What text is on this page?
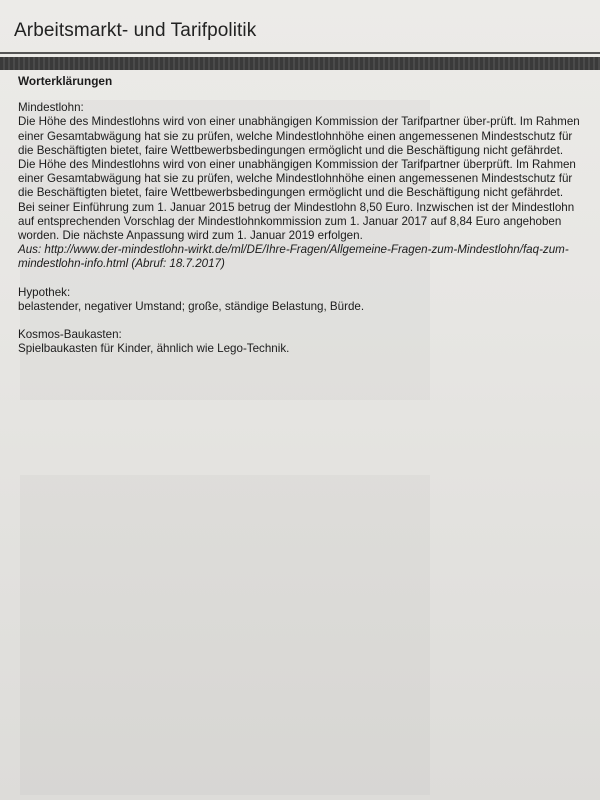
Arbeitsmarkt- und Tarifpolitik

Worterklärungen

Mindestlohn:

Die Höhe des Mindestlohns wird von einer unabhängigen Kommission der Tarifpartner über-prüft. Im Rahmen einer Gesamtabwägung hat sie zu prüfen, welche Mindestlohnhöhe einen angemessenen Mindestschutz für die Beschäftigten bietet, faire Wettbewerbsbedingungen ermöglicht und die Beschäftigung nicht gefährdet.

Die Höhe des Mindestlohns wird von einer unabhängigen Kommission der Tarifpartner überprüft. Im Rahmen einer Gesamtabwägung hat sie zu prüfen, welche Mindestlohnhöhe einen angemessenen Mindestschutz für die Beschäftigten bietet, faire Wettbewerbsbedingungen ermöglicht und die Beschäftigung nicht gefährdet.

Bei seiner Einführung zum 1. Januar 2015 betrug der Mindestlohn 8,50 Euro. Inzwischen ist der Mindestlohn auf entsprechenden Vorschlag der Mindestlohnkommission zum 1. Januar 2017 auf 8,84 Euro angehoben worden. Die nächste Anpassung wird zum 1. Januar 2019 erfolgen.

Aus: http://www.der-mindestlohn-wirkt.de/ml/DE/Ihre-Fragen/Allgemeine-Fragen-zum-Mindestlohn/faq-zum-mindestlohn-info.html (Abruf: 18.7.2017)

Hypothek:

belastender, negativer Umstand; große, ständige Belastung, Bürde.

Kosmos-Baukasten:

Spielbaukasten für Kinder, ähnlich wie Lego-Technik.
